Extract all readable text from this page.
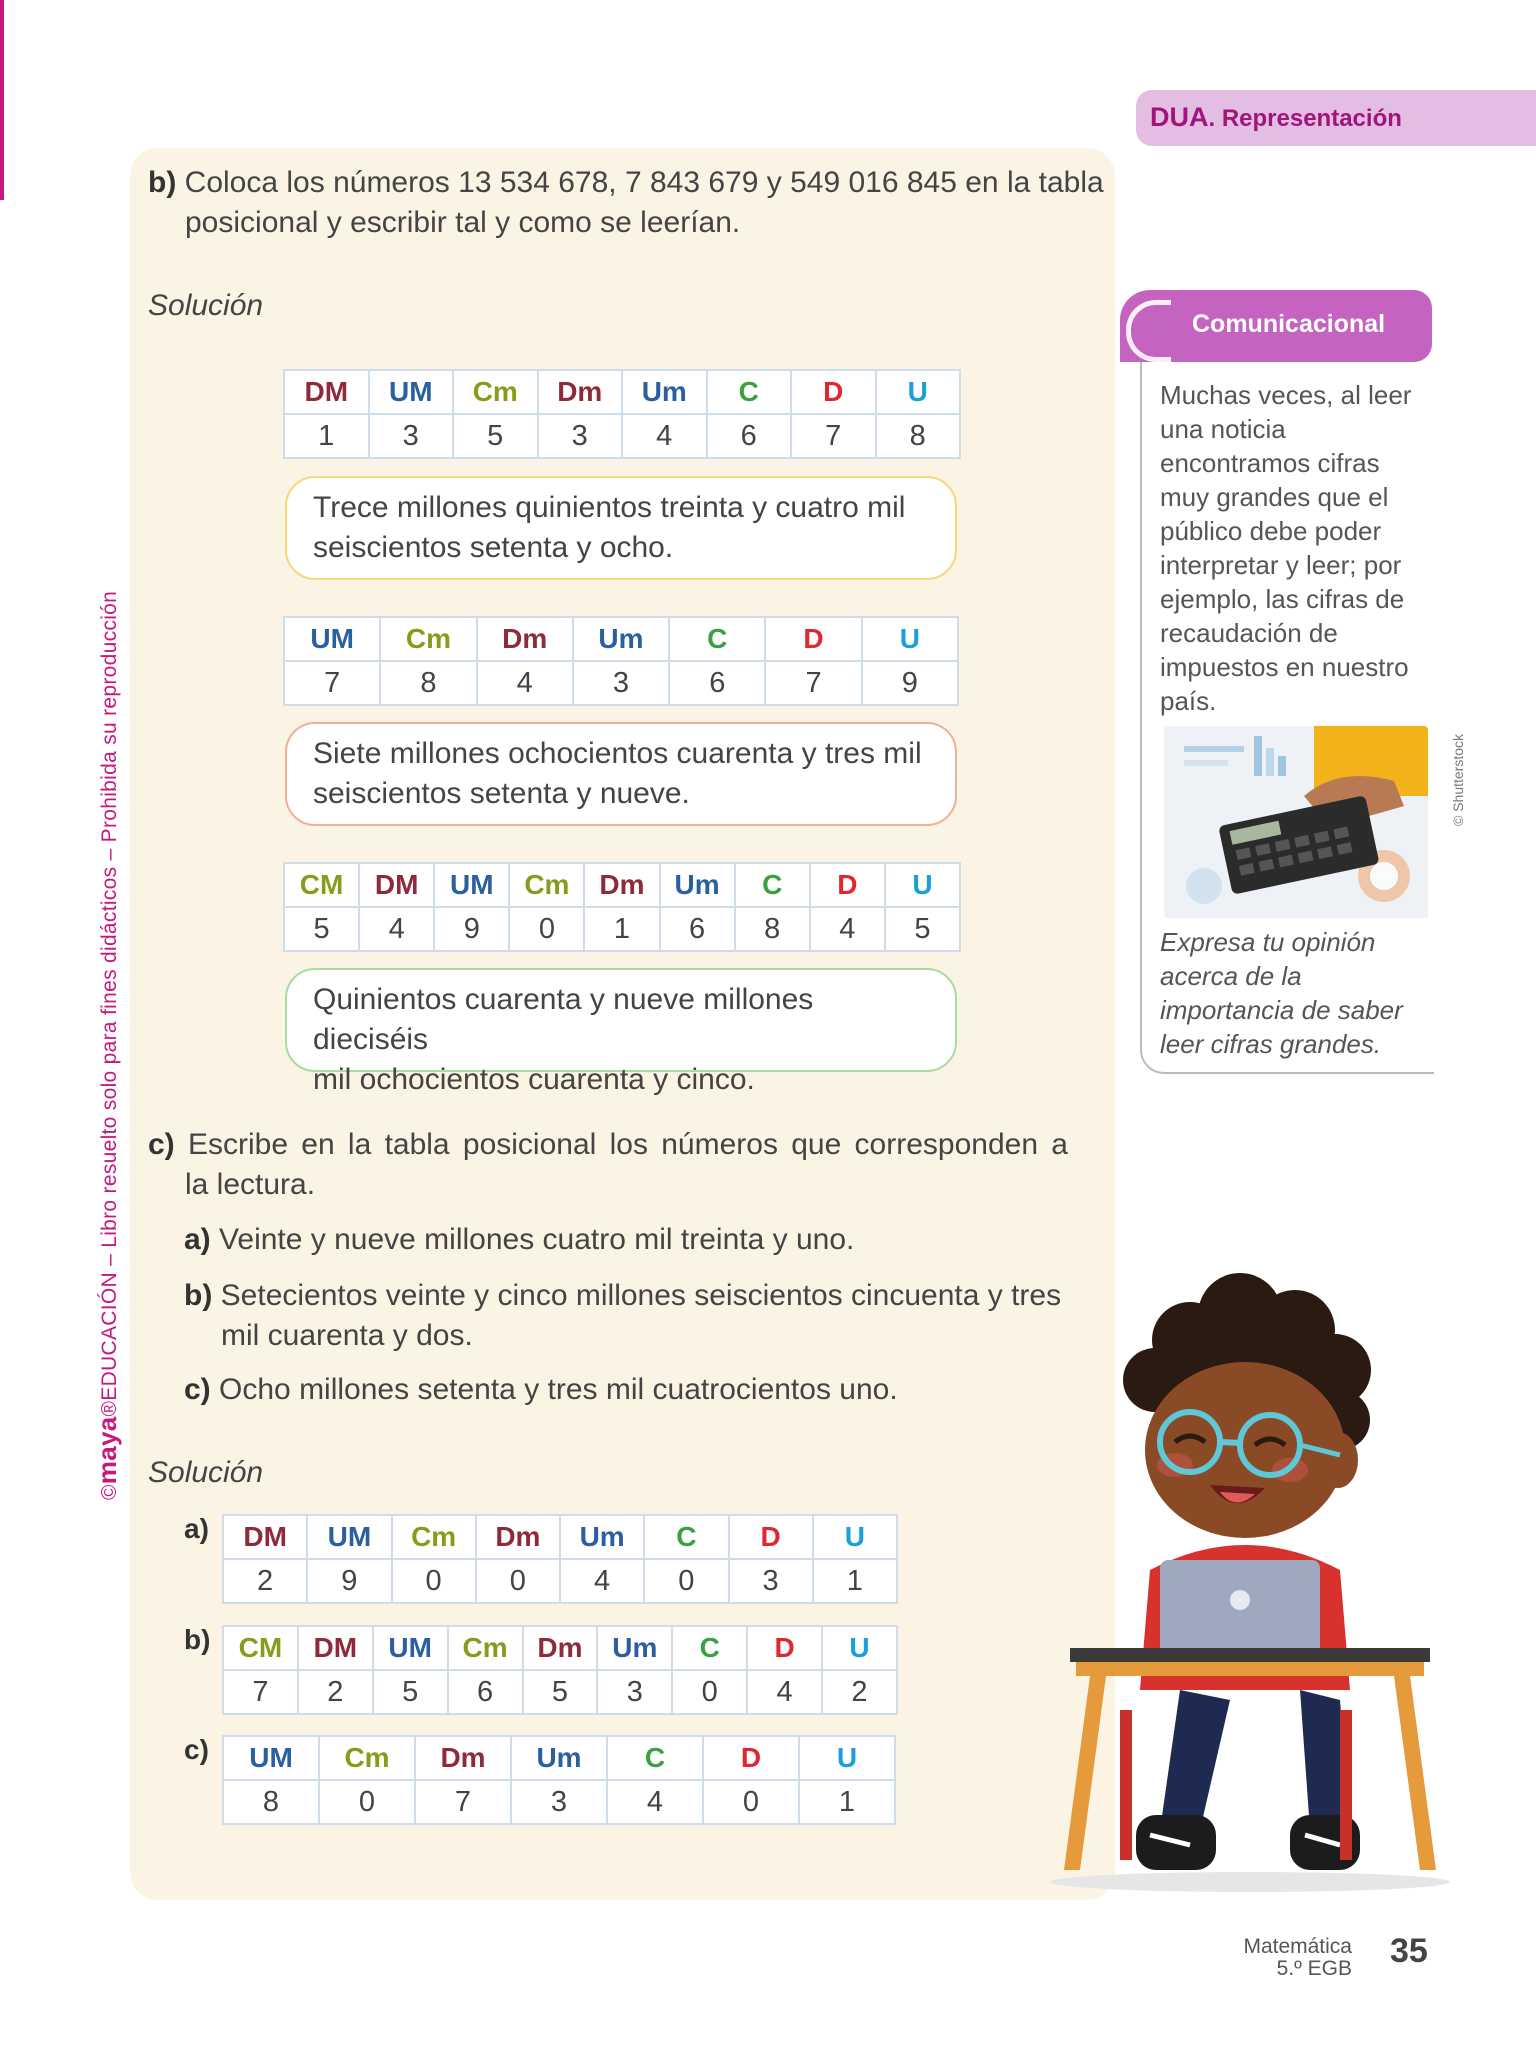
©maya®EDUCACIÓN – Libro resuelto solo para fines didácticos – Prohibida su reproducción
DUA. Representación
b) Coloca los números 13 534 678, 7 843 679 y 549 016 845 en la tabla
posicional y escribir tal y como se leerían.
Solución
DM	UM	Cm	Dm	Um	C	D	U
1	3	5	3	4	6	7	8
Trece millones quinientos treinta y cuatro mil
seiscientos setenta y ocho.
UM	Cm	Dm	Um	C	D	U
7	8	4	3	6	7	9
Siete millones ochocientos cuarenta y tres mil
seiscientos setenta y nueve.
CM	DM	UM	Cm	Dm	Um	C	D	U
5	4	9	0	1	6	8	4	5
Quinientos cuarenta y nueve millones dieciséis
mil ochocientos cuarenta y cinco.
c) Escribe en la tabla posicional los números que corresponden a
la lectura.
a) Veinte y nueve millones cuatro mil treinta y uno.
b) Setecientos veinte y cinco millones seiscientos cincuenta y tres
mil cuarenta y dos.
c) Ocho millones setenta y tres mil cuatrocientos uno.
Solución
a) DM	UM	Cm	Dm	Um	C	D	U
2	9	0	0	4	0	3	1
b) CM	DM	UM	Cm	Dm	Um	C	D	U
7	2	5	6	5	3	0	4	2
c) UM	Cm	Dm	Um	C	D	U
8	0	7	3	4	0	1
Comunicacional
Muchas veces, al leer una noticia encontramos cifras muy grandes que el público debe poder interpretar y leer; por ejemplo, las cifras de recaudación de impuestos en nuestro país.
© Shutterstock
Expresa tu opinión acerca de la importancia de saber leer cifras grandes.
Matemática
5.º EGB 35
